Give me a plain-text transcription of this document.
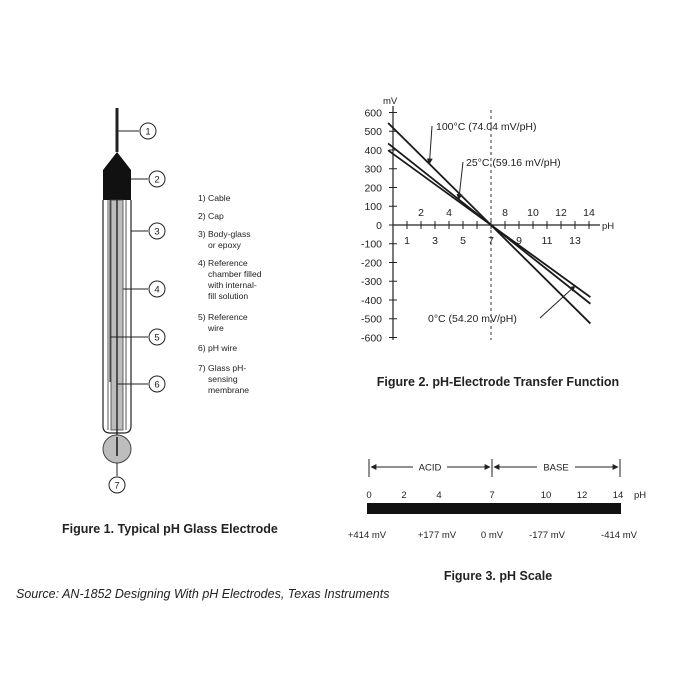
1
2
3
4
5
6
7
1) Cable
2) Cap
3) Body-glass
or epoxy
4) Reference
chamber filled
with internal-
fill solution
5) Reference
wire
6) pH wire
7) Glass pH-
sensing
membrane
Figure 1. Typical pH Glass Electrode
mV
pH
Figure 2. pH-Electrode Transfer Function
600
500
400
300
200
100
0
-100
-200
-300
-400
-500
-600
2 4	8 10 12 14
1 3 5 7 9 11 13
100°C (74.04 mV/pH)
25°C (59.16 mV/pH)
0°C (54.20 mV/pH)
ACID	BASE
0	2	4	7	10	12	14 pH
+414 mV	+177 mV	0 mV	-177 mV	-414 mV
Figure 3. pH Scale
Source: AN-1852 Designing With pH Electrodes, Texas Instruments
